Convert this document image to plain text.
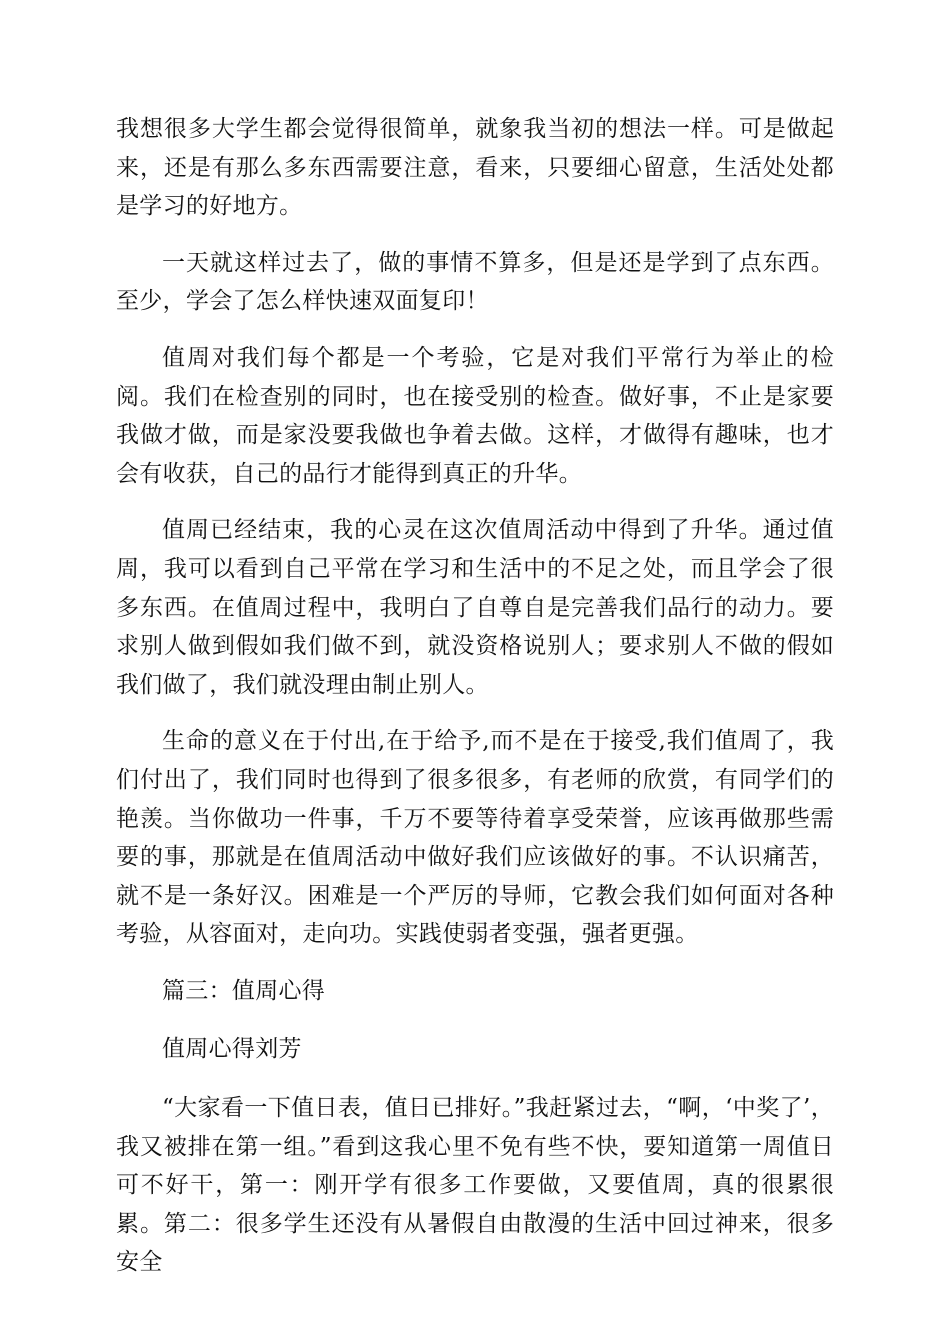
我想很多大学生都会觉得很简单，就象我当初的想法一样。可是做起来，还是有那么多东西需要注意，看来，只要细心留意，生活处处都是学习的好地方。

一天就这样过去了，做的事情不算多，但是还是学到了点东西。至少，学会了怎么样快速双面复印！

值周对我们每个都是一个考验，它是对我们平常行为举止的检阅。我们在检查别的同时，也在接受别的检查。做好事，不止是家要我做才做，而是家没要我做也争着去做。这样，才做得有趣味，也才会有收获，自己的品行才能得到真正的升华。

值周已经结束，我的心灵在这次值周活动中得到了升华。通过值周，我可以看到自己平常在学习和生活中的不足之处，而且学会了很多东西。在值周过程中，我明白了自尊自是完善我们品行的动力。要求别人做到假如我们做不到，就没资格说别人；要求别人不做的假如我们做了，我们就没理由制止别人。

生命的意义在于付出,在于给予,而不是在于接受,我们值周了，我们付出了，我们同时也得到了很多很多，有老师的欣赏，有同学们的艳羡。当你做功一件事，千万不要等待着享受荣誉，应该再做那些需要的事，那就是在值周活动中做好我们应该做好的事。不认识痛苦，就不是一条好汉。困难是一个严厉的导师，它教会我们如何面对各种考验，从容面对，走向功。实践使弱者变强，强者更强。

篇三：值周心得

值周心得刘芳

“大家看一下值日表，值日已排好。”我赶紧过去，“啊，‘中奖了’，我又被排在第一组。”看到这我心里不免有些不快，要知道第一周值日可不好干，第一：刚开学有很多工作要做，又要值周，真的很累很累。第二：很多学生还没有从暑假自由散漫的生活中回过神来，很多安全
